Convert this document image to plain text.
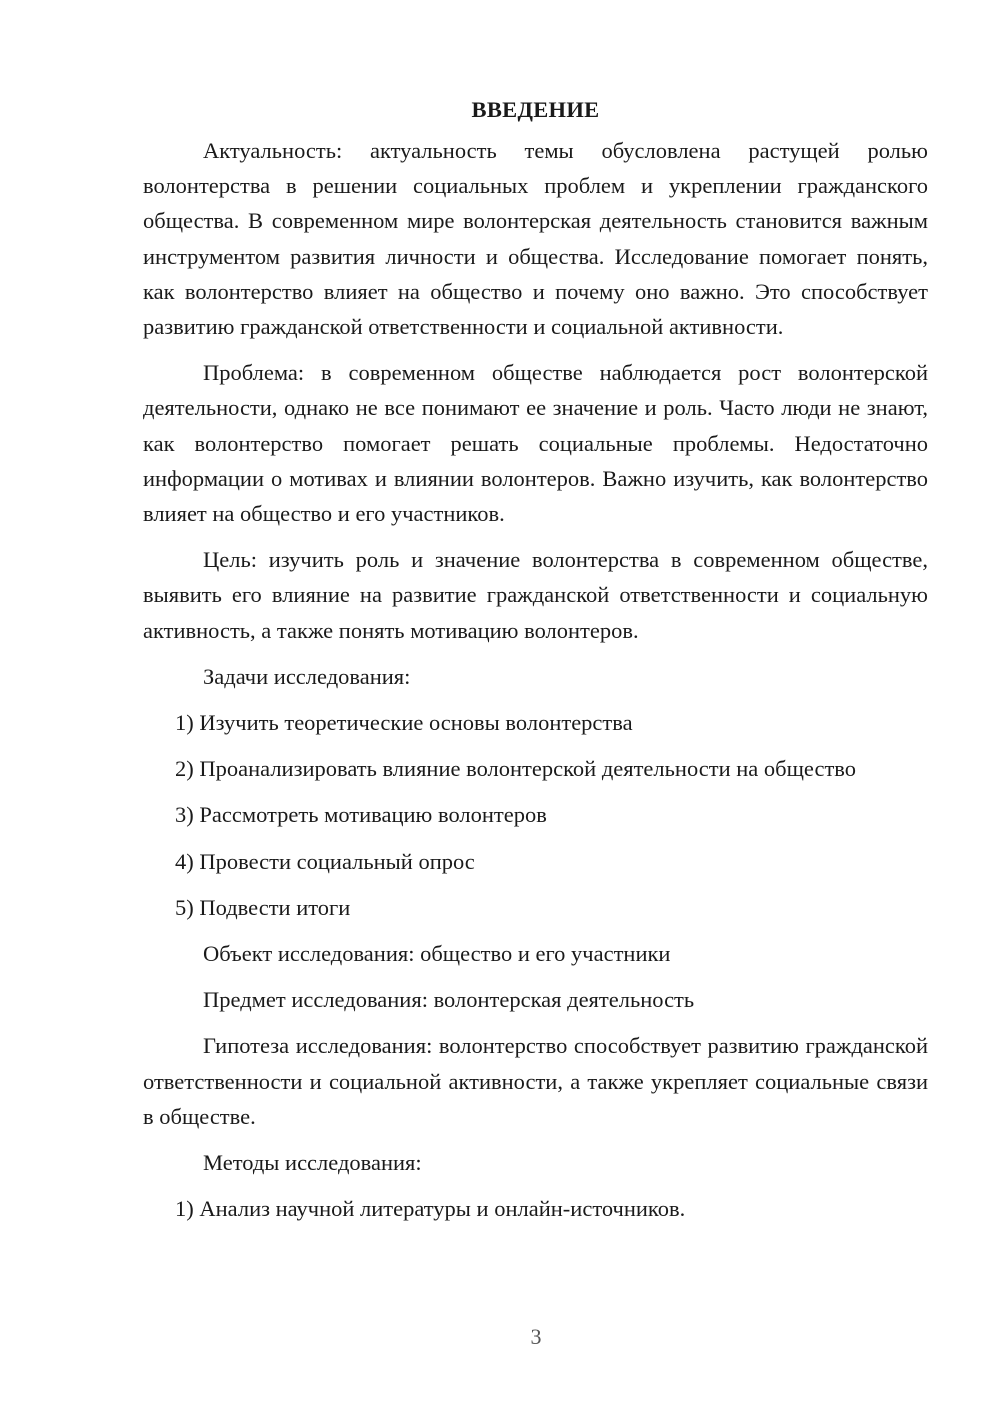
ВВЕДЕНИЕ

Актуальность: актуальность темы обусловлена растущей ролью волонтерства в решении социальных проблем и укреплении гражданского общества. В современном мире волонтерская деятельность становится важным инструментом развития личности и общества. Исследование помогает понять, как волонтерство влияет на общество и почему оно важно. Это способствует развитию гражданской ответственности и социальной активности.

Проблема: в современном обществе наблюдается рост волонтерской деятельности, однако не все понимают ее значение и роль. Часто люди не знают, как волонтерство помогает решать социальные проблемы. Недостаточно информации о мотивах и влиянии волонтеров. Важно изучить, как волонтерство влияет на общество и его участников.

Цель: изучить роль и значение волонтерства в современном обществе, выявить его влияние на развитие гражданской ответственности и социальную активность, а также понять мотивацию волонтеров.

Задачи исследования:

1) Изучить теоретические основы волонтерства

2) Проанализировать влияние волонтерской деятельности на общество

3) Рассмотреть мотивацию волонтеров

4) Провести социальный опрос

5) Подвести итоги

Объект исследования: общество и его участники

Предмет исследования: волонтерская деятельность

Гипотеза исследования: волонтерство способствует развитию гражданской ответственности и социальной активности, а также укрепляет социальные связи в обществе.

Методы исследования:

1) Анализ научной литературы и онлайн-источников.

3
